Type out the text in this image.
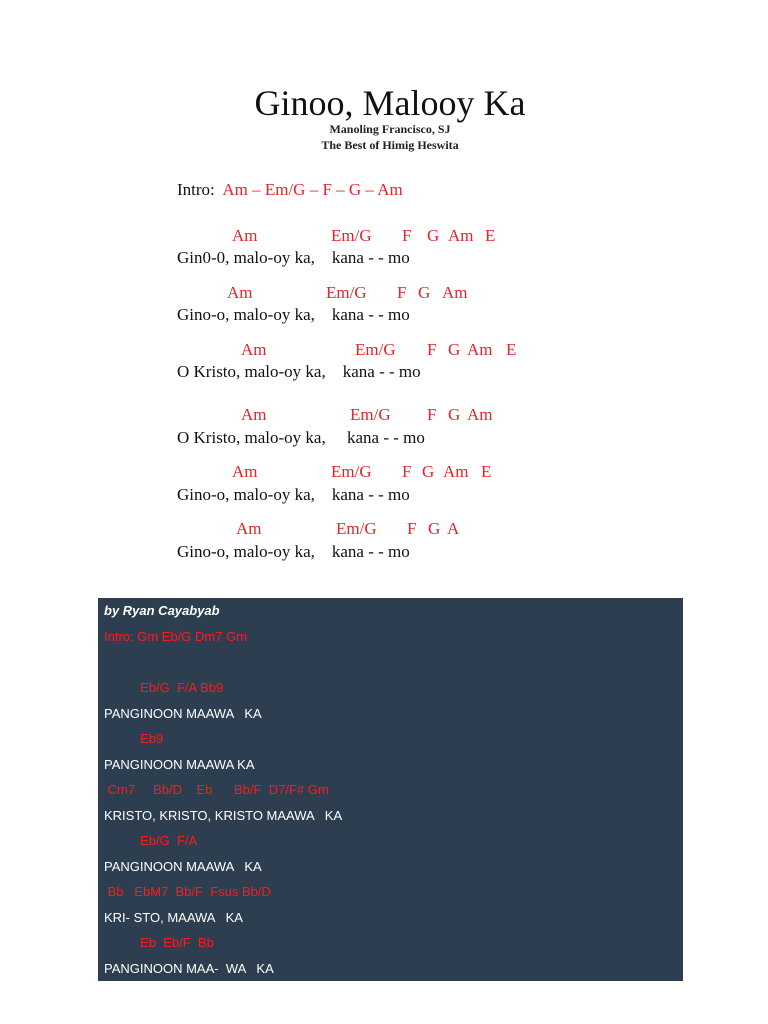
Ginoo, Malooy Ka
Manoling Francisco, SJ
The Best of Himig Heswita
Intro: Am – Em/G – F – G – Am
Am	Em/G F G Am E
Gin0-0, malo-oy ka,    kana - - mo
Am	Em/G F G Am
Gino-o, malo-oy ka,    kana - - mo
Am	Em/G F G Am E
O Kristo, malo-oy ka,    kana - - mo
Am	Em/G F G Am
O Kristo, malo-oy ka,     kana - - mo
Am	Em/G F G Am E
Gino-o, malo-oy ka,    kana - - mo
Am	Em/G F G A
Gino-o, malo-oy ka,    kana - - mo
by Ryan Cayabyab
Intro: Gm Eb/G Dm7 Gm
Eb/G  F/A Bb9
PANGINOON MAAWA   KA
Eb9
PANGINOON MAAWA KA
Cm7     Bb/D    Eb      Bb/F  D7/F# Gm
KRISTO, KRISTO, KRISTO MAAWA   KA
Eb/G  F/A
PANGINOON MAAWA   KA
Bb   EbM7  Bb/F  Fsus Bb/D
KRI- STO, MAAWA   KA
Eb  Eb/F  Bb
PANGINOON MAA-  WA   KA
